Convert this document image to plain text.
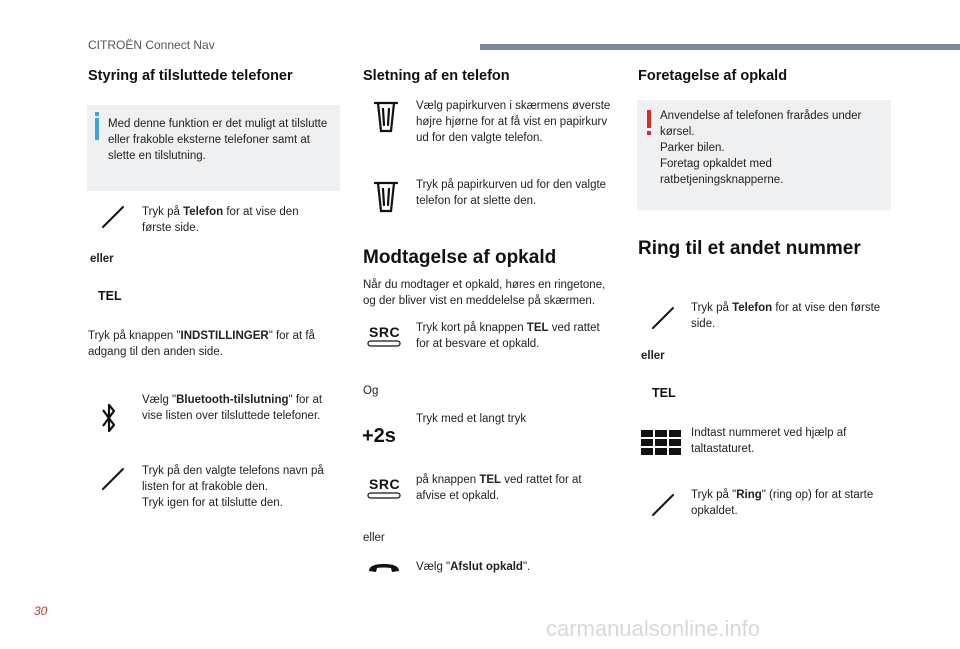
CITROËN Connect Nav
30
carmanualsonline.info
Styring af tilsluttede telefoner
Med denne funktion er det muligt at tilslutte eller frakoble eksterne telefoner samt at slette en tilslutning.
Tryk på Telefon for at vise den første side.
eller
TEL
Tryk på knappen "INDSTILLINGER" for at få adgang til den anden side.
Vælg "Bluetooth-tilslutning" for at vise listen over tilsluttede telefoner.
Tryk på den valgte telefons navn på listen for at frakoble den.
Tryk igen for at tilslutte den.
Sletning af en telefon
Vælg papirkurven i skærmens øverste højre hjørne for at få vist en papirkurv ud for den valgte telefon.
Tryk på papirkurven ud for den valgte telefon for at slette den.
Modtagelse af opkald
Når du modtager et opkald, høres en ringetone, og der bliver vist en meddelelse på skærmen.
SRC Tryk kort på knappen TEL ved rattet for at besvare et opkald.
Og
Tryk med et langt tryk
+2s
SRC på knappen TEL ved rattet for at afvise et opkald.
eller
Vælg "Afslut opkald".
Foretagelse af opkald
Anvendelse af telefonen frarådes under kørsel.
Parker bilen.
Foretag opkaldet med ratbetjeningsknapperne.
Ring til et andet nummer
Tryk på Telefon for at vise den første side.
eller
TEL
Indtast nummeret ved hjælp af taltastaturet.
Tryk på "Ring" (ring op) for at starte opkaldet.
